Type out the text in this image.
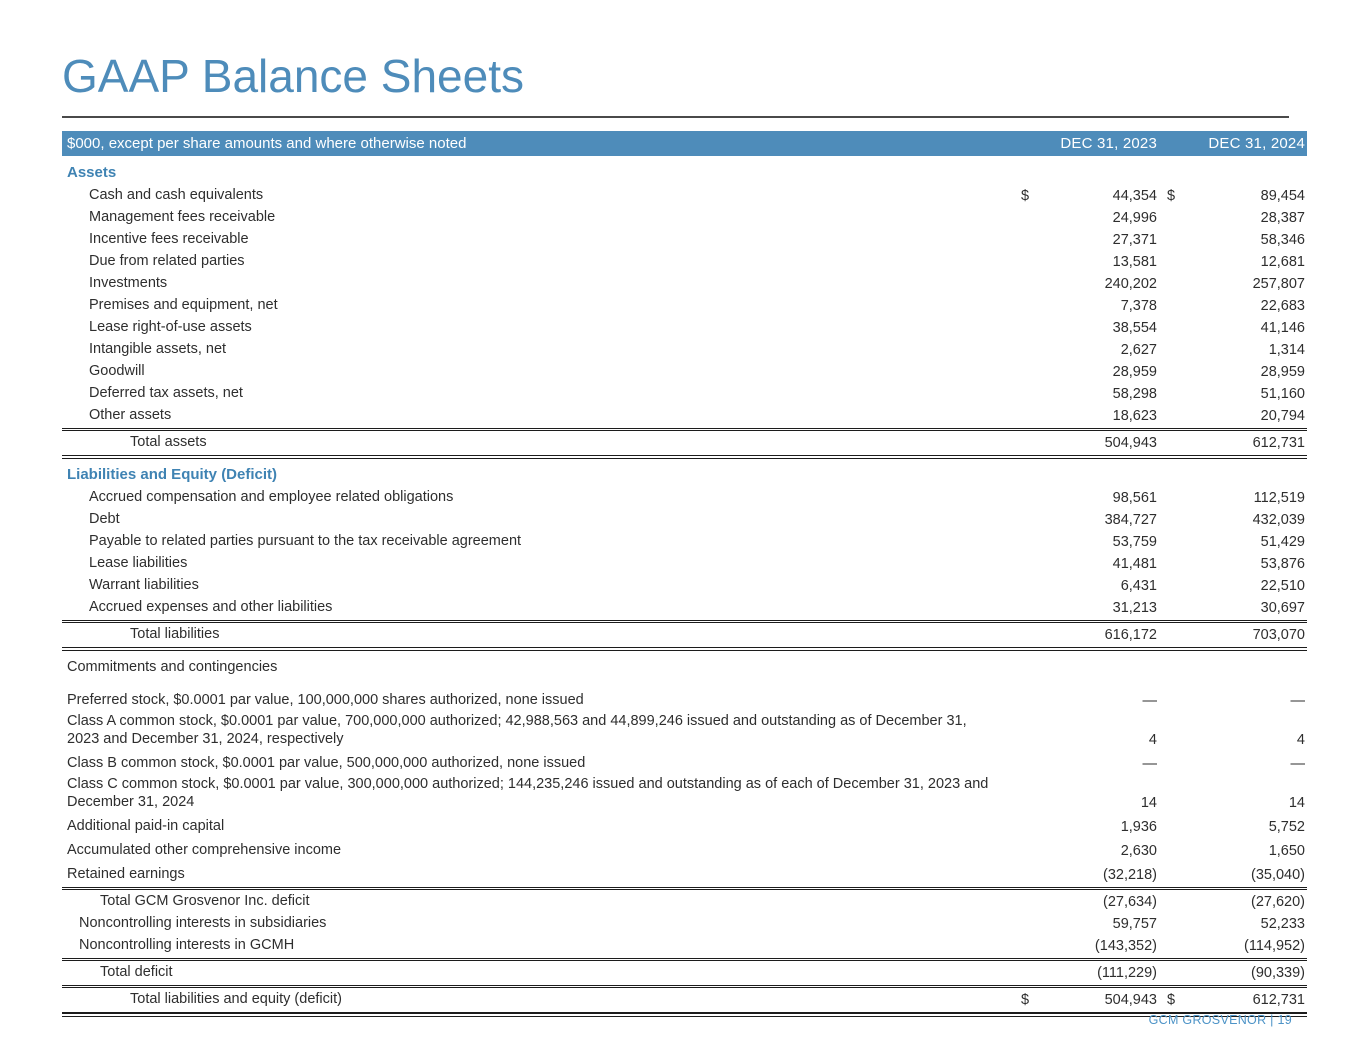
GAAP Balance Sheets
$000, except per share amounts and where otherwise noted	DEC 31, 2023	DEC 31, 2024
Assets
Cash and cash equivalents	$	44,354 $	89,454
Management fees receivable	24,996	28,387
Incentive fees receivable	27,371	58,346
Due from related parties	13,581	12,681
Investments	240,202	257,807
Premises and equipment, net	7,378	22,683
Lease right-of-use assets	38,554	41,146
Intangible assets, net	2,627	1,314
Goodwill	28,959	28,959
Deferred tax assets, net	58,298	51,160
Other assets	18,623	20,794
Total assets	504,943	612,731
Liabilities and Equity (Deficit)
Accrued compensation and employee related obligations	98,561	112,519
Debt	384,727	432,039
Payable to related parties pursuant to the tax receivable agreement	53,759	51,429
Lease liabilities	41,481	53,876
Warrant liabilities	6,431	22,510
Accrued expenses and other liabilities	31,213	30,697
Total liabilities	616,172	703,070
Commitments and contingencies
Preferred stock, $0.0001 par value, 100,000,000 shares authorized, none issued	—	—
Class A common stock, $0.0001 par value, 700,000,000 authorized; 42,988,563 and 44,899,246 issued and outstanding as of December 31, 2023 and December 31, 2024, respectively	4	4
Class B common stock, $0.0001 par value, 500,000,000 authorized, none issued	—	—
Class C common stock, $0.0001 par value, 300,000,000 authorized; 144,235,246 issued and outstanding as of each of December 31, 2023 and December 31, 2024	14	14
Additional paid-in capital	1,936	5,752
Accumulated other comprehensive income	2,630	1,650
Retained earnings	(32,218)	(35,040)
Total GCM Grosvenor Inc. deficit	(27,634)	(27,620)
Noncontrolling interests in subsidiaries	59,757	52,233
Noncontrolling interests in GCMH	(143,352)	(114,952)
Total deficit	(111,229)	(90,339)
Total liabilities and equity (deficit)	$	504,943 $	612,731
GCM GROSVENOR | 19
